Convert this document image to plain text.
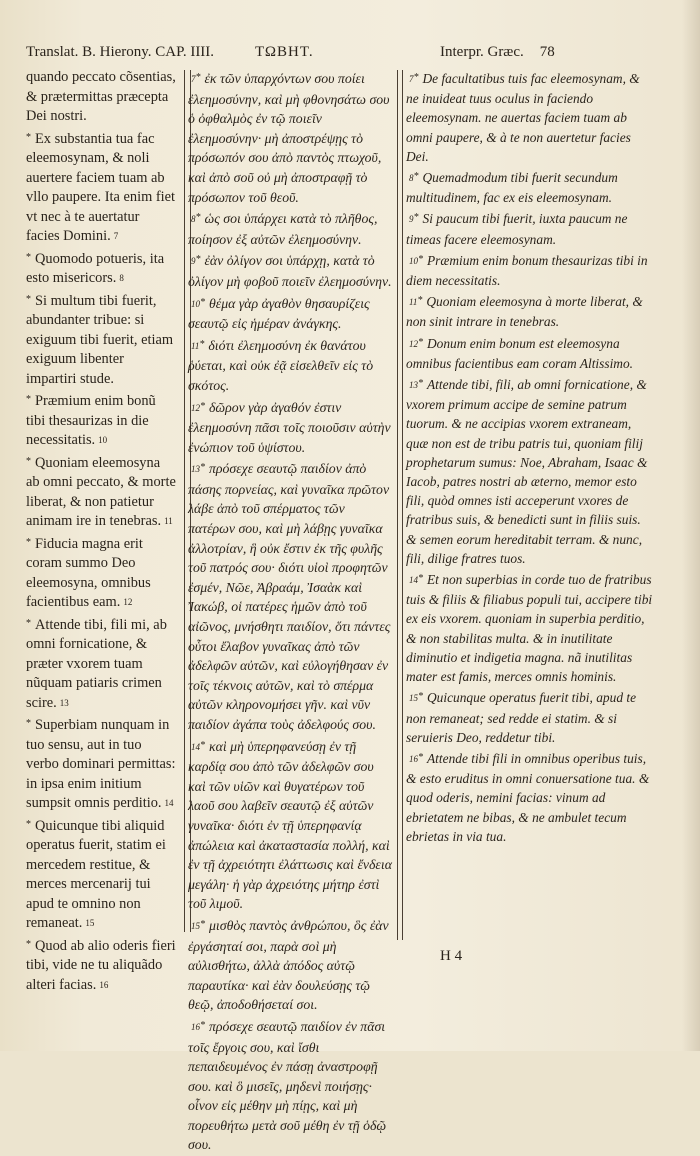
Translat. B. Hierony. CAP. IIII.	ΤΩΒΗΤ.	Interpr. Græc. 78

quando peccato cõsentias, & prætermittas præcepta Dei nostri.

* Ex substantia tua fac eleemosynam, & noli auertere faciem tuam ab vllo paupere. Ita enim fiet vt nec à te auertatur facies Domini. 7

* Quomodo potueris, ita esto misericors. 8

* Si multum tibi fuerit, abundanter tribue: si exiguum tibi fuerit, etiam exiguum libenter impartiri stude.

* Præmium enim bonũ tibi thesaurizas in die necessitatis. 10

* Quoniam eleemosyna ab omni peccato, & morte liberat, & non patietur animam ire in tenebras. 11

* Fiducia magna erit coram summo Deo eleemosyna, omnibus facientibus eam. 12

* Attende tibi, fili mi, ab omni fornicatione, & præter vxorem tuam nũquam patiaris crimen scire. 13

* Superbiam nunquam in tuo sensu, aut in tuo verbo dominari permittas: in ipsa enim initium sumpsit omnis perditio. 14

* Quicunque tibi aliquid operatus fuerit, statim ei mercedem restitue, & merces mercenarij tui apud te omnino non remaneat. 15

* Quod ab alio oderis fieri tibi, vide ne tu aliquãdo alteri facias. 16

7* ἐκ τῶν ὑπαρχόντων σου ποίει ἐλεημοσύνην, καὶ μὴ φθονησάτω σου ὁ ὀφθαλμὸς ἐν τῷ ποιεῖν ἐλεημοσύνην· μὴ ἀποστρέψῃς τὸ πρόσωπόν σου ἀπὸ παντὸς πτωχοῦ, καὶ ἀπὸ σοῦ οὐ μὴ ἀποστραφῇ τὸ πρόσωπον τοῦ θεοῦ.

8* ὡς σοι ὑπάρχει κατὰ τὸ πλῆθος, ποίησον ἐξ αὐτῶν ἐλεημοσύνην.

9* ἐὰν ὀλίγον σοι ὑπάρχῃ, κατὰ τὸ ὀλίγον μὴ φοβοῦ ποιεῖν ἐλεημοσύνην.

10* θέμα γὰρ ἀγαθὸν θησαυρίζεις σεαυτῷ εἰς ἡμέραν ἀνάγκης.

11* διότι ἐλεημοσύνη ἐκ θανάτου ῥύεται, καὶ οὐκ ἐᾷ εἰσελθεῖν εἰς τὸ σκότος.

12* δῶρον γὰρ ἀγαθόν ἐστιν ἐλεημοσύνη πᾶσι τοῖς ποιοῦσιν αὐτὴν ἐνώπιον τοῦ ὑψίστου.

13* πρόσεχε σεαυτῷ παιδίον ἀπὸ πάσης πορνείας, καὶ γυναῖκα πρῶτον λάβε ἀπὸ τοῦ σπέρματος τῶν πατέρων σου, καὶ μὴ λάβῃς γυναῖκα ἀλλοτρίαν, ἣ οὐκ ἔστιν ἐκ τῆς φυλῆς τοῦ πατρός σου· διότι υἱοὶ προφητῶν ἐσμέν, Νῶε, Ἀβραάμ, Ἰσαὰκ καὶ Ἰακώβ, οἱ πατέρες ἡμῶν ἀπὸ τοῦ αἰῶνος, μνήσθητι παιδίον, ὅτι πάντες οὗτοι ἔλαβον γυναῖκας ἀπὸ τῶν ἀδελφῶν αὐτῶν, καὶ εὐλογήθησαν ἐν τοῖς τέκνοις αὐτῶν, καὶ τὸ σπέρμα αὐτῶν κληρονομήσει γῆν. καὶ νῦν παιδίον ἀγάπα τοὺς ἀδελφούς σου.

14* καὶ μὴ ὑπερηφανεύσῃ ἐν τῇ καρδίᾳ σου ἀπὸ τῶν ἀδελφῶν σου καὶ τῶν υἱῶν καὶ θυγατέρων τοῦ λαοῦ σου λαβεῖν σεαυτῷ ἐξ αὐτῶν γυναῖκα· διότι ἐν τῇ ὑπερηφανίᾳ ἀπώλεια καὶ ἀκαταστασία πολλή, καὶ ἐν τῇ ἀχρειότητι ἐλάττωσις καὶ ἔνδεια μεγάλη· ἡ γὰρ ἀχρειότης μήτηρ ἐστὶ τοῦ λιμοῦ.

15* μισθὸς παντὸς ἀνθρώπου, ὃς ἐὰν ἐργάσηταί σοι, παρὰ σοὶ μὴ αὐλισθήτω, ἀλλὰ ἀπόδος αὐτῷ παραυτίκα· καὶ ἐὰν δουλεύσῃς τῷ θεῷ, ἀποδοθήσεταί σοι.

16* πρόσεχε σεαυτῷ παιδίον ἐν πᾶσι τοῖς ἔργοις σου, καὶ ἴσθι πεπαιδευμένος ἐν πάσῃ ἀναστροφῇ σου. καὶ ὃ μισεῖς, μηδενὶ ποιήσῃς· οἶνον εἰς μέθην μὴ πίῃς, καὶ μὴ πορευθήτω μετὰ σοῦ μέθη ἐν τῇ ὁδῷ σου.

7* De facultatibus tuis fac eleemosynam, & ne inuideat tuus oculus in faciendo eleemosynam. ne auertas faciem tuam ab omni paupere, & à te non auertetur facies Dei.

8* Quemadmodum tibi fuerit secundum multitudinem, fac ex eis eleemosynam.

9* Si paucum tibi fuerit, iuxta paucum ne timeas facere eleemosynam.

10* Præmium enim bonum thesaurizas tibi in diem necessitatis.

11* Quoniam eleemosyna à morte liberat, & non sinit intrare in tenebras.

12* Donum enim bonum est eleemosyna omnibus facientibus eam coram Altissimo.

13* Attende tibi, fili, ab omni fornicatione, & vxorem primum accipe de semine patrum tuorum. & ne accipias vxorem extraneam, quæ non est de tribu patris tui, quoniam filij prophetarum sumus: Noe, Abraham, Isaac & Iacob, patres nostri ab æterno, memor esto fili, quòd omnes isti acceperunt vxores de fratribus suis, & benedicti sunt in filiis suis. & semen eorum hereditabit terram. & nunc, fili, dilige fratres tuos.

14* Et non superbias in corde tuo de fratribus tuis & filiis & filiabus populi tui, accipere tibi ex eis vxorem. quoniam in superbia perditio, & non stabilitas multa. & in inutilitate diminutio et indigetia magna. nã inutilitas mater est famis, merces omnis hominis.

15* Quicunque operatus fuerit tibi, apud te non remaneat; sed redde ei statim. & si seruieris Deo, reddetur tibi.

16* Attende tibi fili in omnibus operibus tuis, & esto eruditus in omni conuersatione tua. & quod oderis, nemini facias: vinum ad ebrietatem ne bibas, & ne ambulet tecum ebrietas in via tua.

H 4
